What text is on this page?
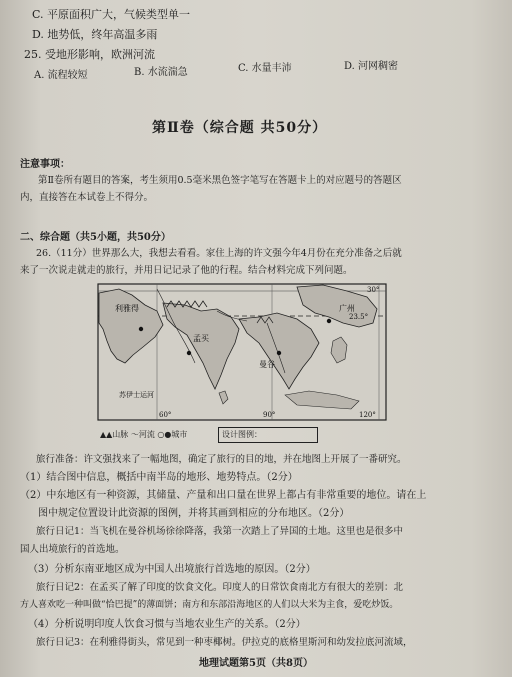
C. 平原面积广大，气候类型单一
D. 地势低，终年高温多雨
25. 受地形影响，欧洲河流
A. 流程较短	B. 水流湍急	C. 水量丰沛	D. 河网稠密
第Ⅱ卷（综合题 共50分）
注意事项：
第Ⅱ卷所有题目的答案，考生须用0.5毫米黑色签字笔写在答题卡上的对应题号的答题区
内，直接答在本试卷上不得分。
二、综合题（共5小题，共50分）
26.（11分）世界那么大，我想去看看。家住上海的许文强今年4月份在充分准备之后就
来了一次说走就走的旅行，并用日记记录了他的行程。结合材料完成下列问题。
利雅得
孟买
曼谷
广州
苏伊士运河
30°
23.5°
60°	90°	120°
▲▲山脉 ～河流 ○●城市	设计图例：
旅行准备：许文强找来了一幅地图，确定了旅行的目的地，并在地图上开展了一番研究。
（1）结合图中信息，概括中南半岛的地形、地势特点。（2分）
（2）中东地区有一种资源，其储量、产量和出口量在世界上都占有非常重要的地位。请在上
图中规定位置设计此资源的图例，并将其画到相应的分布地区。（2分）
旅行日记1：当飞机在曼谷机场徐徐降落，我第一次踏上了异国的土地。这里也是很多中
国人出境旅行的首选地。
（3）分析东南亚地区成为中国人出境旅行首选地的原因。（2分）
旅行日记2：在孟买了解了印度的饮食文化。印度人的日常饮食南北方有很大的差别：北
方人喜欢吃一种叫做“恰巴提”的薄面饼；南方和东部沿海地区的人们以大米为主食，爱吃炒饭。
（4）分析说明印度人饮食习惯与当地农业生产的关系。（2分）
旅行日记3：在利雅得街头，常见到一种枣椰树。伊拉克的底格里斯河和幼发拉底河流域，
地理试题第5页（共8页）
